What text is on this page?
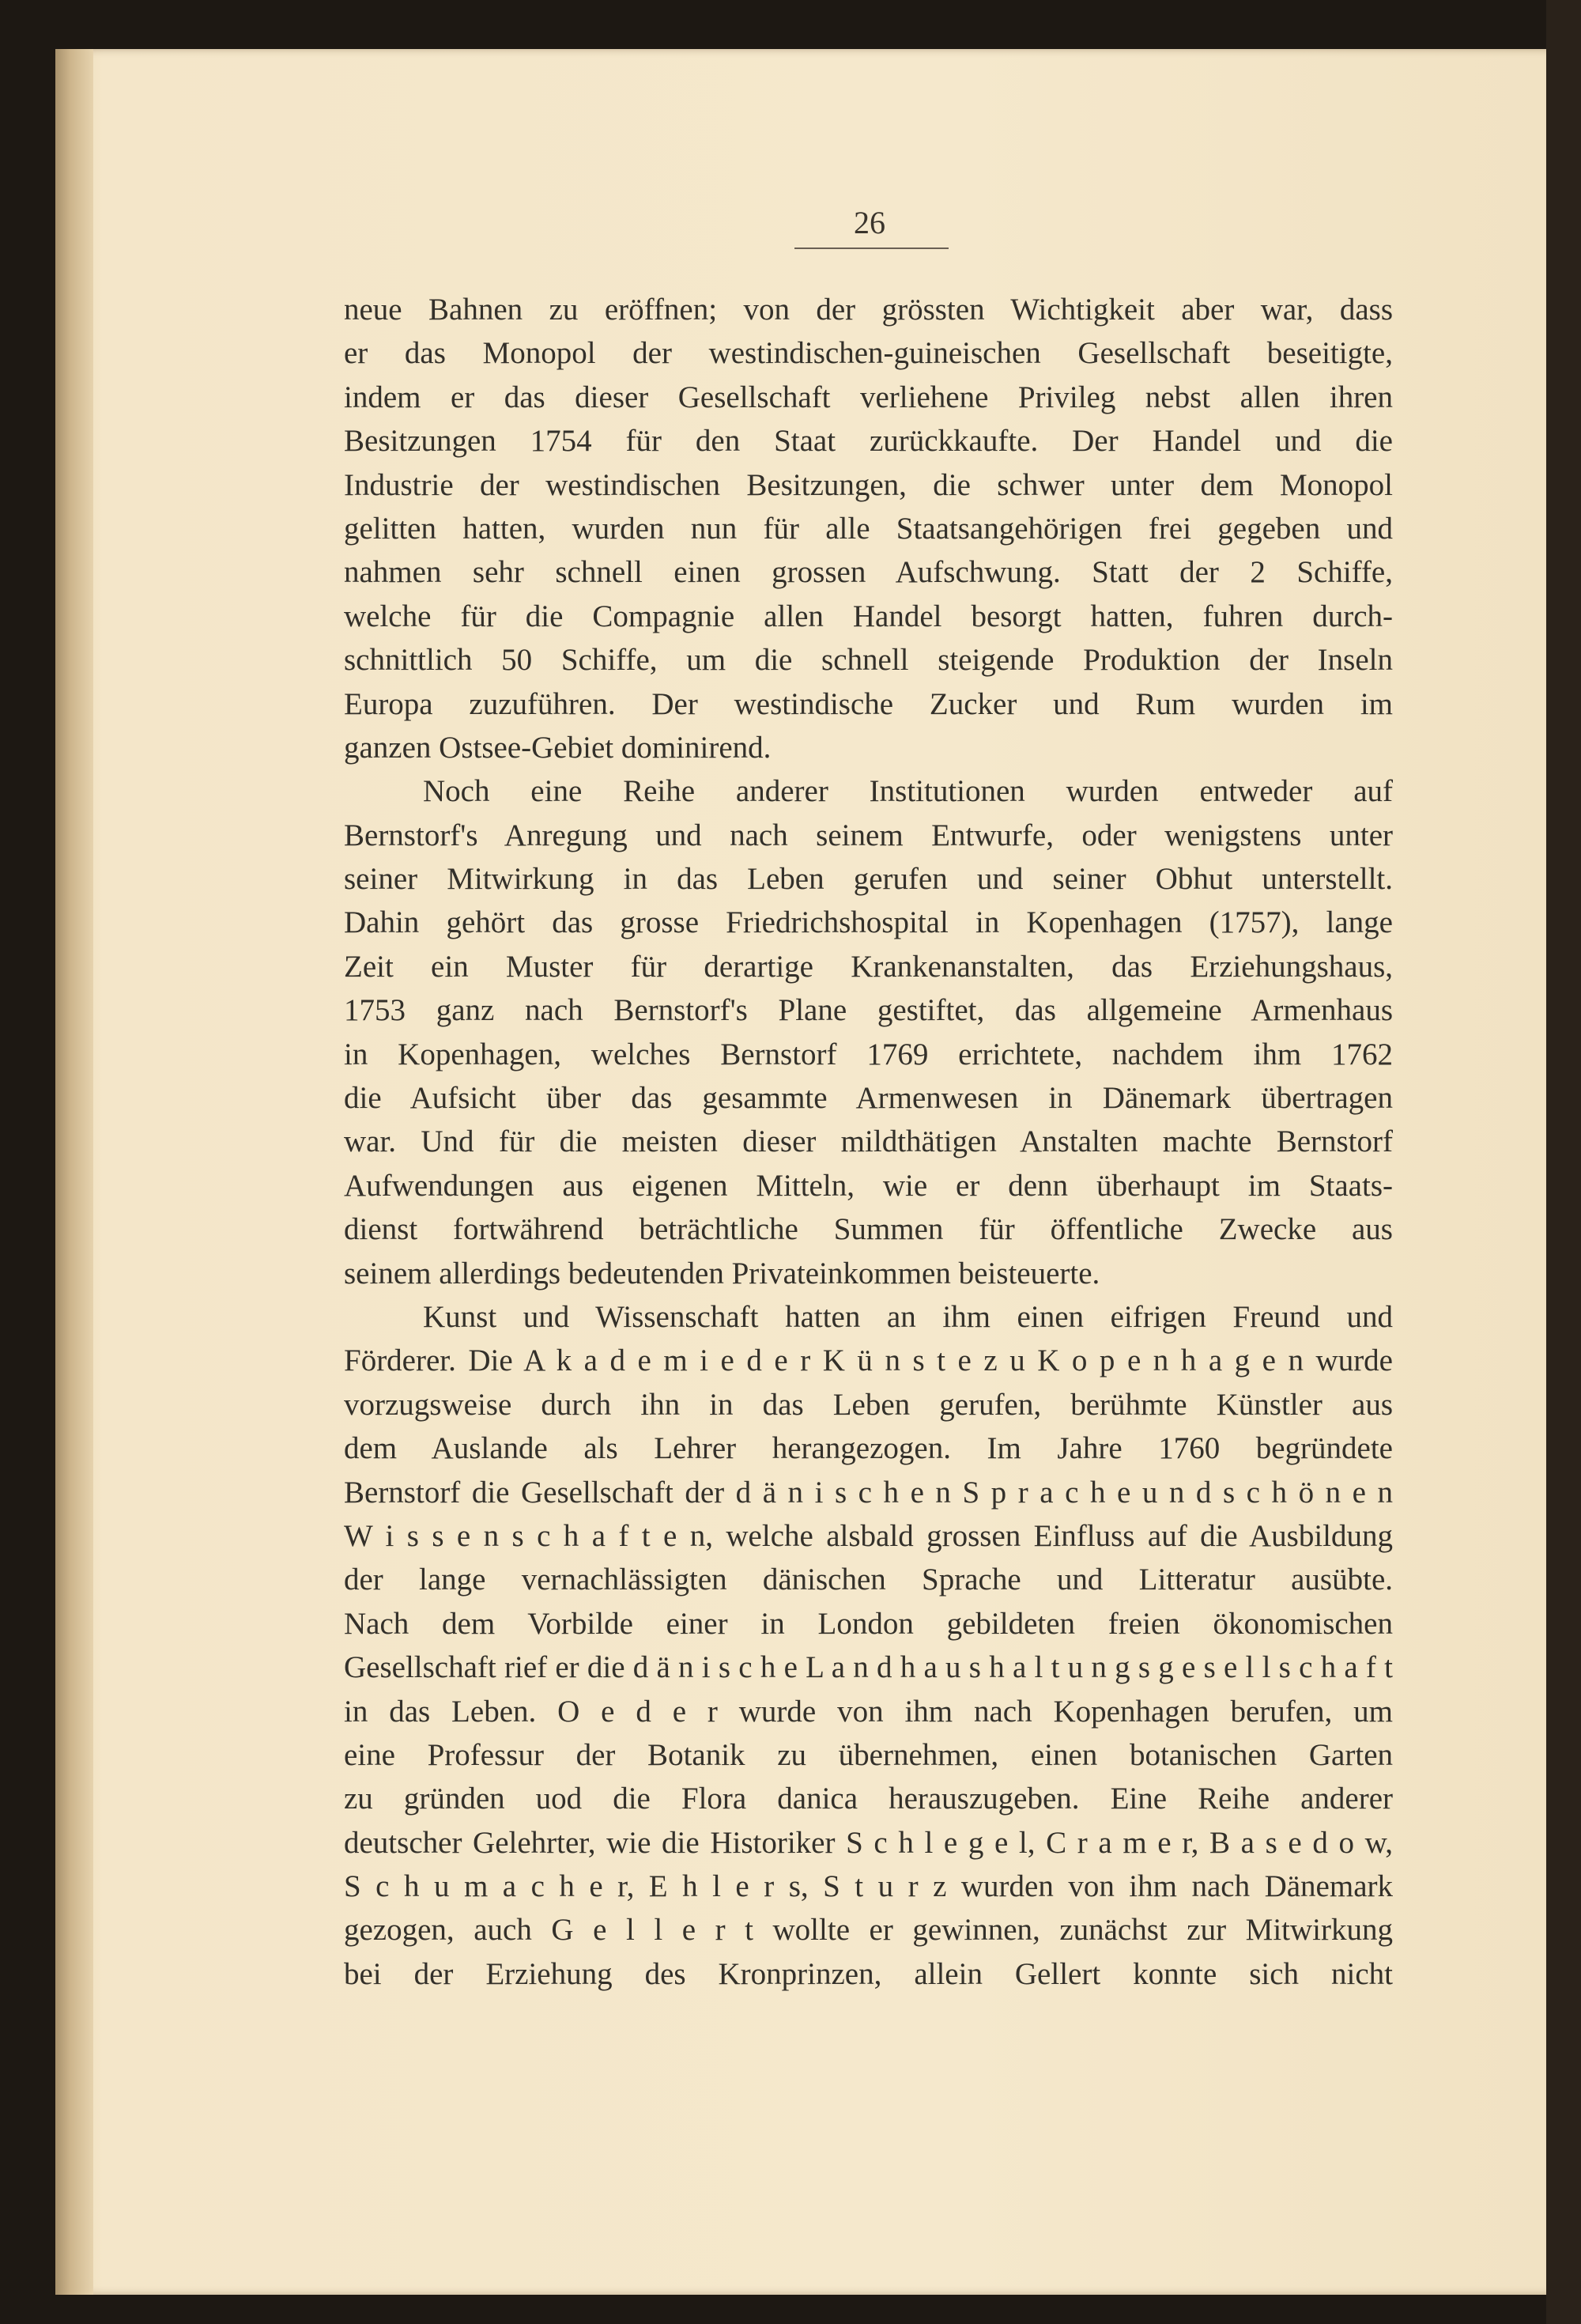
26
neue Bahnen zu eröffnen; von der grössten Wichtigkeit aber war, dass
er das Monopol der westindischen-guineischen Gesellschaft beseitigte,
indem er das dieser Gesellschaft verliehene Privileg nebst allen ihren
Besitzungen 1754 für den Staat zurückkaufte. Der Handel und die
Industrie der westindischen Besitzungen, die schwer unter dem Monopol
gelitten hatten, wurden nun für alle Staatsangehörigen frei gegeben und
nahmen sehr schnell einen grossen Aufschwung. Statt der 2 Schiffe,
welche für die Compagnie allen Handel besorgt hatten, fuhren durch-
schnittlich 50 Schiffe, um die schnell steigende Produktion der Inseln
Europa zuzuführen. Der westindische Zucker und Rum wurden im
ganzen Ostsee-Gebiet dominirend.
Noch eine Reihe anderer Institutionen wurden entweder auf
Bernstorf's Anregung und nach seinem Entwurfe, oder wenigstens unter
seiner Mitwirkung in das Leben gerufen und seiner Obhut unterstellt.
Dahin gehört das grosse Friedrichshospital in Kopenhagen (1757), lange
Zeit ein Muster für derartige Krankenanstalten, das Erziehungshaus,
1753 ganz nach Bernstorf's Plane gestiftet, das allgemeine Armenhaus
in Kopenhagen, welches Bernstorf 1769 errichtete, nachdem ihm 1762
die Aufsicht über das gesammte Armenwesen in Dänemark übertragen
war. Und für die meisten dieser mildthätigen Anstalten machte Bernstorf
Aufwendungen aus eigenen Mitteln, wie er denn überhaupt im Staats-
dienst fortwährend beträchtliche Summen für öffentliche Zwecke aus
seinem allerdings bedeutenden Privateinkommen beisteuerte.
Kunst und Wissenschaft hatten an ihm einen eifrigen Freund und
Förderer. Die A k a d e m i e d e r K ü n s t e z u K o p e n h a g e n wurde
vorzugsweise durch ihn in das Leben gerufen, berühmte Künstler aus
dem Auslande als Lehrer herangezogen. Im Jahre 1760 begründete
Bernstorf die Gesellschaft der d ä n i s c h e n S p r a c h e u n d s c h ö n e n
W i s s e n s c h a f t e n, welche alsbald grossen Einfluss auf die Ausbildung
der lange vernachlässigten dänischen Sprache und Litteratur ausübte.
Nach dem Vorbilde einer in London gebildeten freien ökonomischen
Gesellschaft rief er die d ä n i s c h e L a n d h a u s h a l t u n g s g e s e l l s c h a f t
in das Leben. O e d e r wurde von ihm nach Kopenhagen berufen, um
eine Professur der Botanik zu übernehmen, einen botanischen Garten
zu gründen uod die Flora danica herauszugeben. Eine Reihe anderer
deutscher Gelehrter, wie die Historiker S c h l e g e l, C r a m e r, B a s e d o w,
S c h u m a c h e r, E h l e r s, S t u r z wurden von ihm nach Dänemark
gezogen, auch G e l l e r t wollte er gewinnen, zunächst zur Mitwirkung
bei der Erziehung des Kronprinzen, allein Gellert konnte sich nicht
